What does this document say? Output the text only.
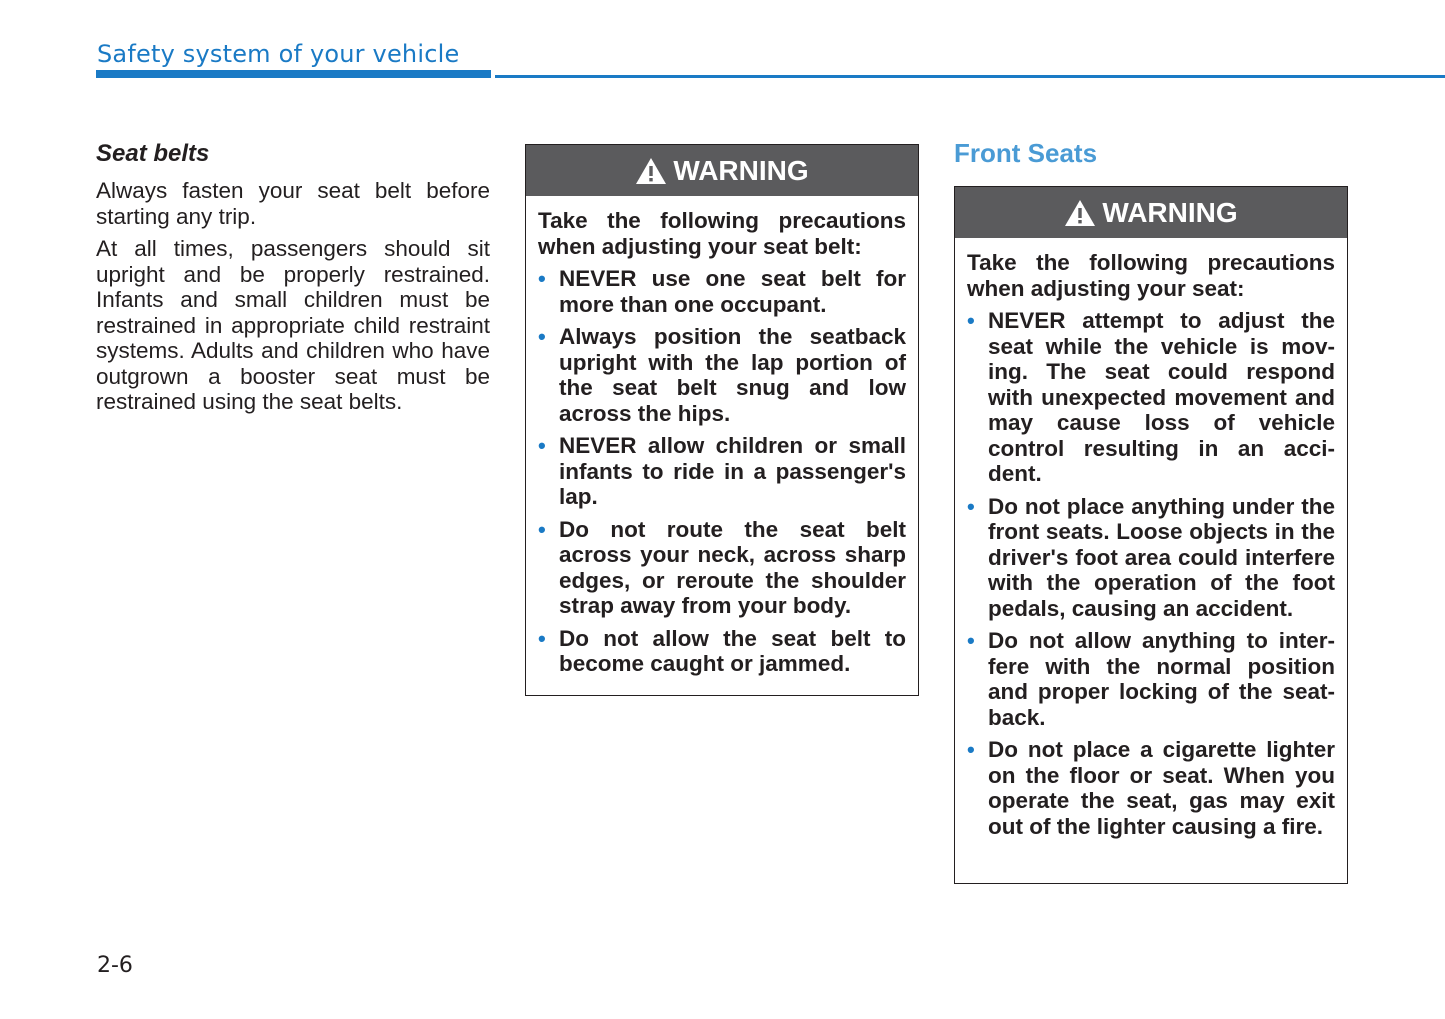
Safety system of your vehicle
Seat belts

Always fasten your seat belt before starting any trip.

At all times, passengers should sit upright and be properly restrained. Infants and small children must be restrained in appropriate child restraint systems. Adults and children who have outgrown a booster seat must be restrained using the seat belts.

WARNING

Take the following precautions when adjusting your seat belt:

• NEVER use one seat belt for more than one occupant.
• Always position the seatback upright with the lap portion of the seat belt snug and low across the hips.
• NEVER allow children or small infants to ride in a passenger's lap.
• Do not route the seat belt across your neck, across sharp edges, or reroute the shoulder strap away from your body.
• Do not allow the seat belt to become caught or jammed.
Front Seats
WARNING

Take the following precautions when adjusting your seat:

• NEVER attempt to adjust the seat while the vehicle is mov-ing. The seat could respond with unexpected movement and may cause loss of vehicle control resulting in an acci-dent.
• Do not place anything under the front seats. Loose objects in the driver's foot area could interfere with the operation of the foot pedals, causing an accident.
• Do not allow anything to inter-fere with the normal position and proper locking of the seat-back.
• Do not place a cigarette lighter on the floor or seat. When you operate the seat, gas may exit out of the lighter causing a fire.
2-6
